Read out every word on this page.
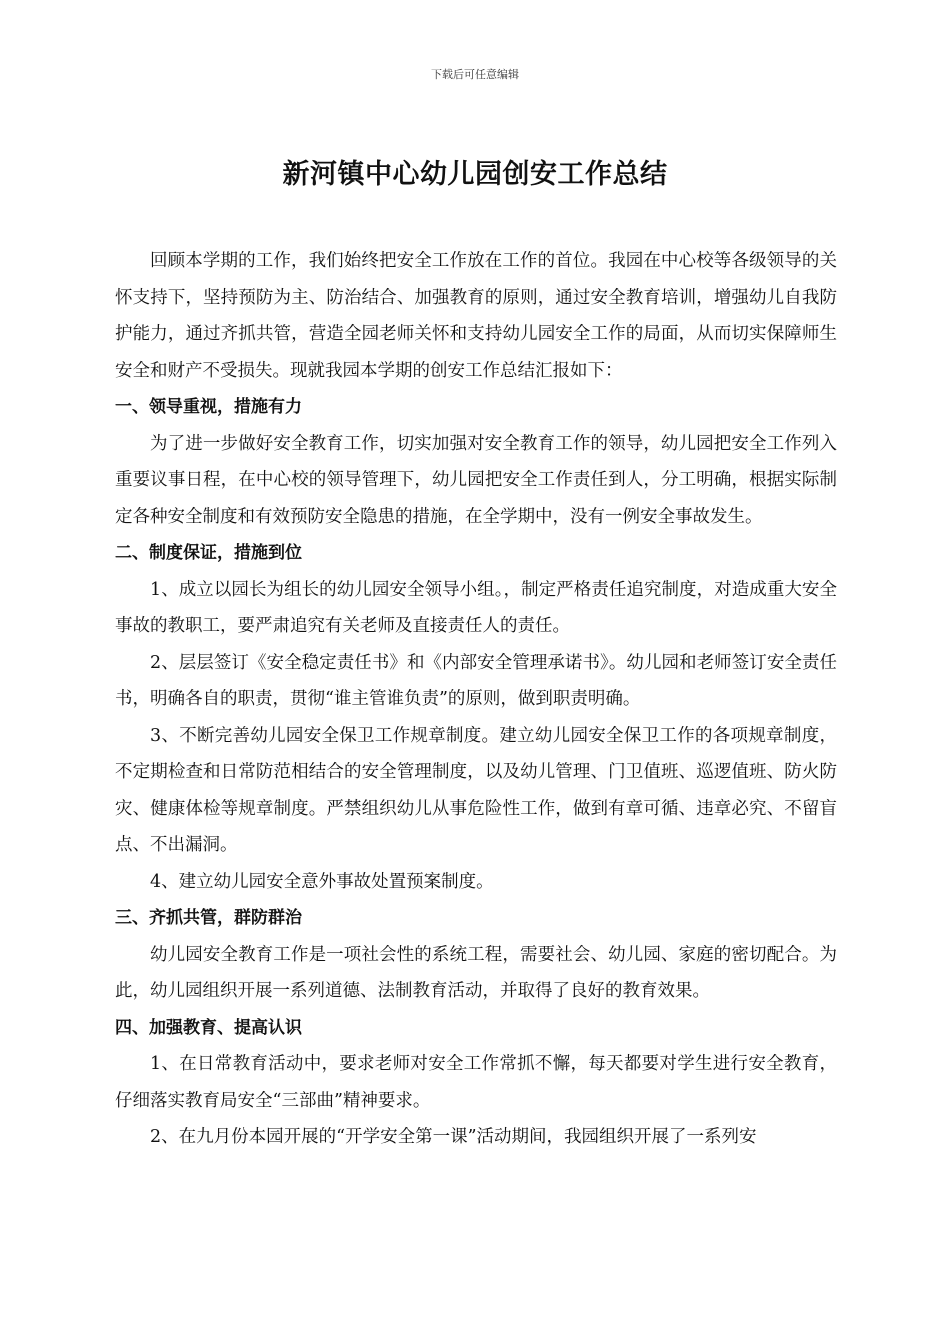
下载后可任意编辑
新河镇中心幼儿园创安工作总结

回顾本学期的工作，我们始终把安全工作放在工作的首位。我园在中心校等各级领导的关怀支持下，坚持预防为主、防治结合、加强教育的原则，通过安全教育培训，增强幼儿自我防护能力，通过齐抓共管，营造全园老师关怀和支持幼儿园安全工作的局面，从而切实保障师生安全和财产不受损失。现就我园本学期的创安工作总结汇报如下：

一、领导重视，措施有力

为了进一步做好安全教育工作，切实加强对安全教育工作的领导，幼儿园把安全工作列入重要议事日程，在中心校的领导管理下，幼儿园把安全工作责任到人，分工明确，根据实际制定各种安全制度和有效预防安全隐患的措施，在全学期中，没有一例安全事故发生。

二、制度保证，措施到位

1、成立以园长为组长的幼儿园安全领导小组。，制定严格责任追究制度，对造成重大安全事故的教职工，要严肃追究有关老师及直接责任人的责任。

2、层层签订《安全稳定责任书》和《内部安全管理承诺书》。幼儿园和老师签订安全责任书，明确各自的职责，贯彻“谁主管谁负责”的原则，做到职责明确。

3、不断完善幼儿园安全保卫工作规章制度。建立幼儿园安全保卫工作的各项规章制度，不定期检查和日常防范相结合的安全管理制度，以及幼儿管理、门卫值班、巡逻值班、防火防灾、健康体检等规章制度。严禁组织幼儿从事危险性工作，做到有章可循、违章必究、不留盲点、不出漏洞。

4、建立幼儿园安全意外事故处置预案制度。

三、齐抓共管，群防群治

幼儿园安全教育工作是一项社会性的系统工程，需要社会、幼儿园、家庭的密切配合。为此，幼儿园组织开展一系列道德、法制教育活动，并取得了良好的教育效果。

四、加强教育、提高认识

1、在日常教育活动中，要求老师对安全工作常抓不懈，每天都要对学生进行安全教育，仔细落实教育局安全“三部曲”精神要求。

2、在九月份本园开展的“开学安全第一课”活动期间，我园组织开展了一系列安
